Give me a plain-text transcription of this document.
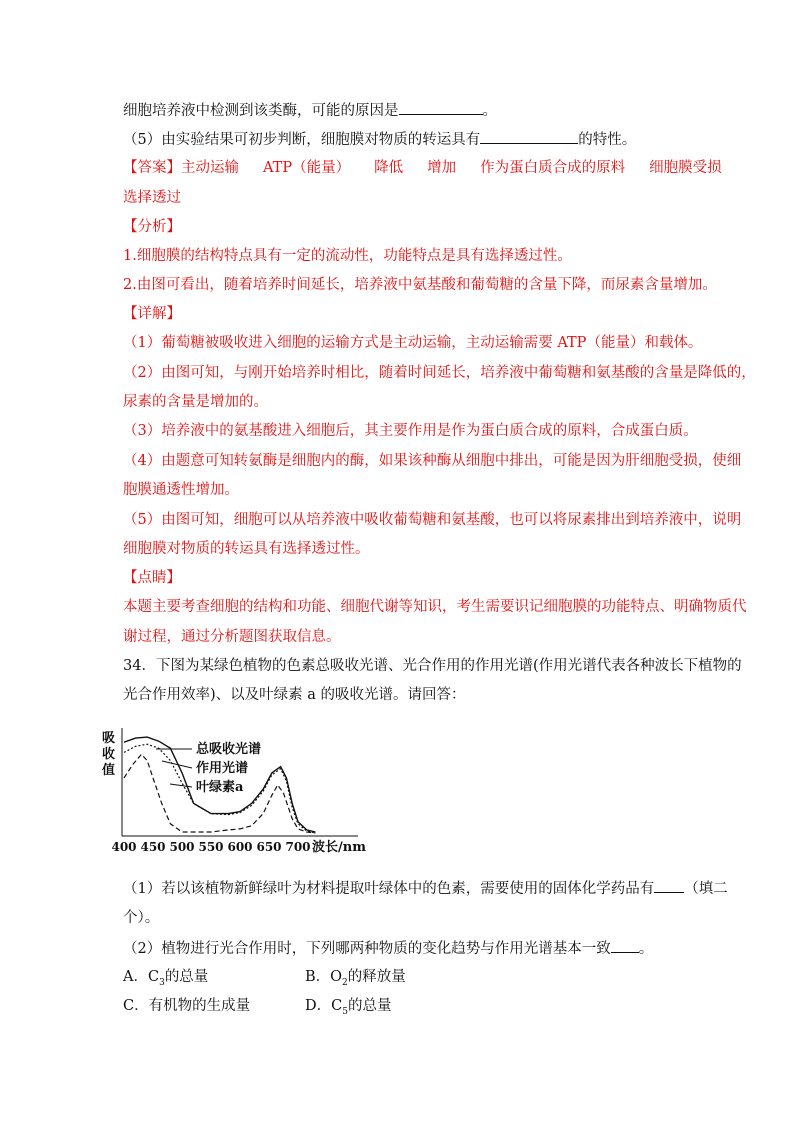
细胞培养液中检测到该类酶，可能的原因是	。
（5）由实验结果可初步判断，细胞膜对物质的转运具有	的特性。
【答案】主动运输 ATP（能量） 降低 增加 作为蛋白质合成的原料 细胞膜受损
选择透过
【分析】
1.细胞膜的结构特点具有一定的流动性，功能特点是具有选择透过性。
2.由图可看出，随着培养时间延长，培养液中氨基酸和葡萄糖的含量下降，而尿素含量增加。
【详解】
（1）葡萄糖被吸收进入细胞的运输方式是主动运输，主动运输需要 ATP（能量）和载体。
（2）由图可知，与刚开始培养时相比，随着时间延长，培养液中葡萄糖和氨基酸的含量是降低的，
尿素的含量是增加的。
（3）培养液中的氨基酸进入细胞后，其主要作用是作为蛋白质合成的原料，合成蛋白质。
（4）由题意可知转氨酶是细胞内的酶，如果该种酶从细胞中排出，可能是因为肝细胞受损，使细
胞膜通透性增加。
（5）由图可知，细胞可以从培养液中吸收葡萄糖和氨基酸，也可以将尿素排出到培养液中，说明
细胞膜对物质的转运具有选择透过性。
【点睛】
本题主要考查细胞的结构和功能、细胞代谢等知识，考生需要识记细胞膜的功能特点、明确物质代
谢过程，通过分析题图获取信息。
34．下图为某绿色植物的色素总吸收光谱、光合作用的作用光谱(作用光谱代表各种波长下植物的
光合作用效率)、以及叶绿素 a 的吸收光谱。请回答：
吸
收
值
总吸收光谱
作用光谱
叶绿素a
400 450 500 550 600 650 700 波长/nm
（1）若以该植物新鲜绿叶为材料提取叶绿体中的色素，需要使用的固体化学药品有 （填二
个）。
（2）植物进行光合作用时，下列哪两种物质的变化趋势与作用光谱基本一致 。
A．$C_3$的总量	B．$O_2$的释放量
C．有机物的生成量	D．$C_5$的总量
